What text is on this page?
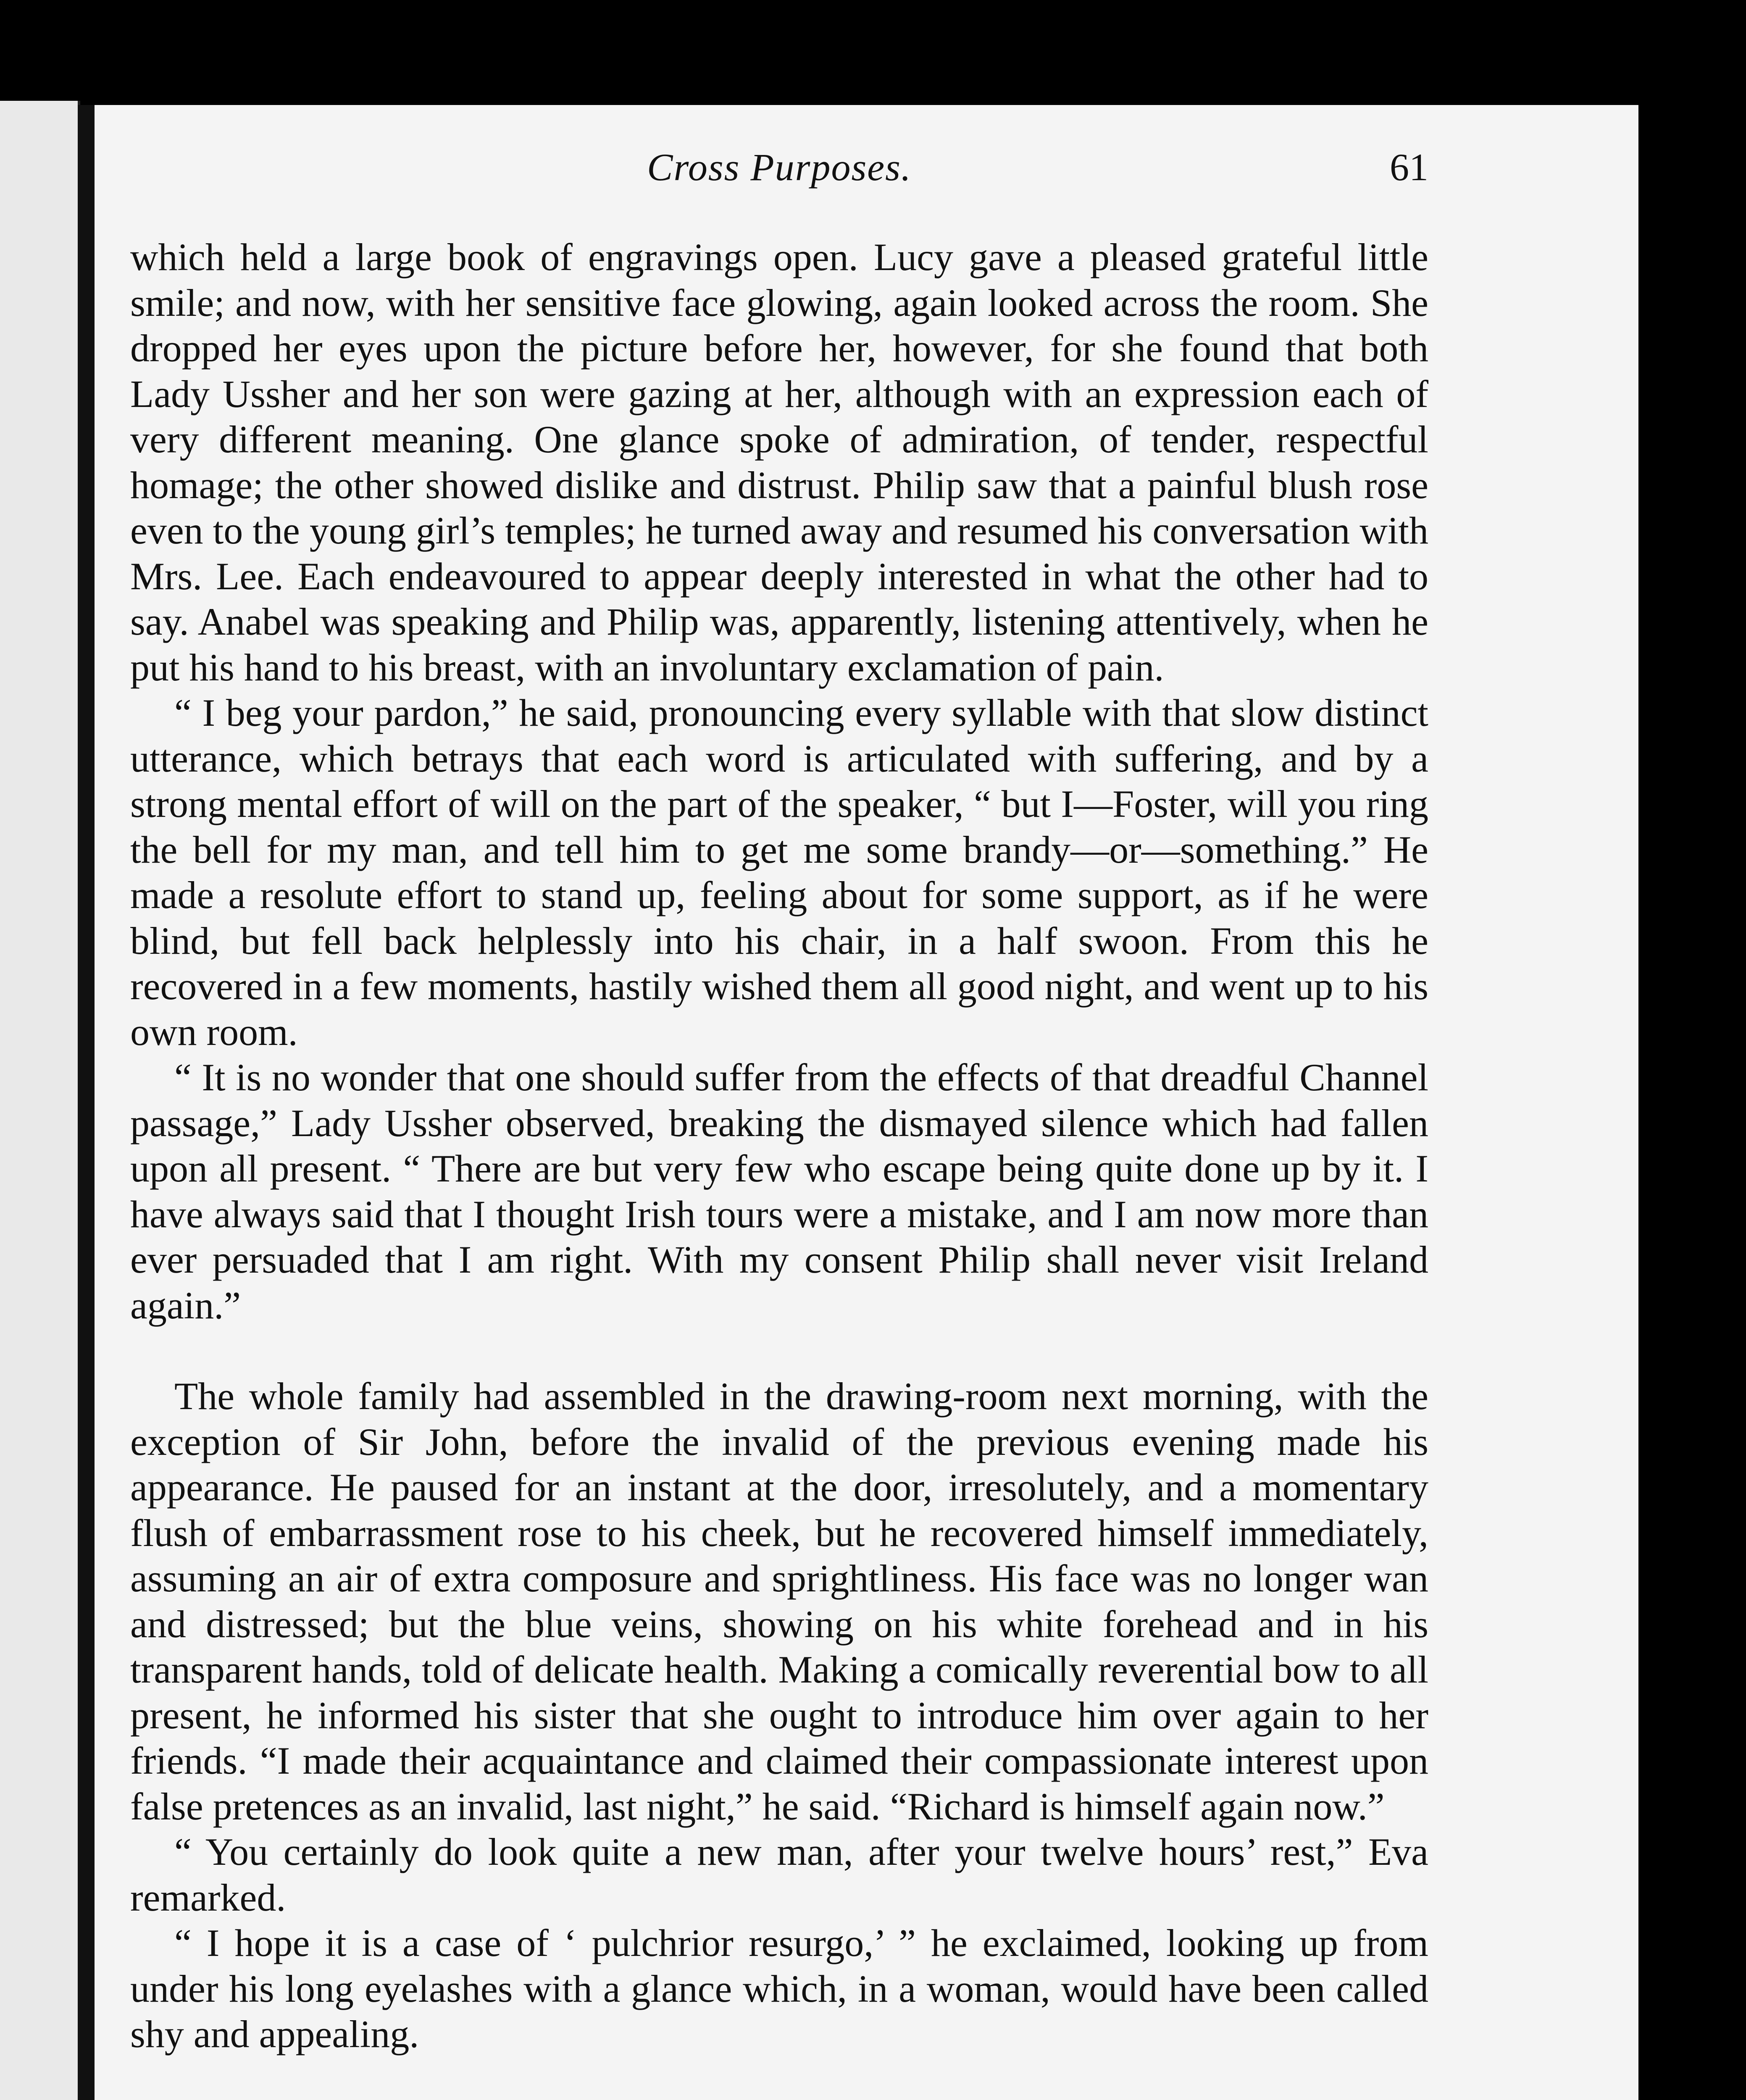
Cross Purposes.	61

which held a large book of engravings open. Lucy gave a pleased grateful little smile; and now, with her sensitive face glowing, again looked across the room. She dropped her eyes upon the picture before her, however, for she found that both Lady Ussher and her son were gazing at her, although with an expression each of very different meaning. One glance spoke of admiration, of tender, respectful homage; the other showed dislike and distrust. Philip saw that a painful blush rose even to the young girl’s temples; he turned away and resumed his conversation with Mrs. Lee. Each endeavoured to appear deeply interested in what the other had to say. Anabel was speaking and Philip was, apparently, listening attentively, when he put his hand to his breast, with an involuntary exclamation of pain.

“ I beg your pardon,” he said, pronouncing every syllable with that slow distinct utterance, which betrays that each word is articulated with suffering, and by a strong mental effort of will on the part of the speaker, “ but I—Foster, will you ring the bell for my man, and tell him to get me some brandy—or—something.” He made a resolute effort to stand up, feeling about for some support, as if he were blind, but fell back helplessly into his chair, in a half swoon. From this he recovered in a few moments, hastily wished them all good night, and went up to his own room.

“ It is no wonder that one should suffer from the effects of that dreadful Channel passage,” Lady Ussher observed, breaking the dismayed silence which had fallen upon all present. “ There are but very few who escape being quite done up by it. I have always said that I thought Irish tours were a mistake, and I am now more than ever persuaded that I am right. With my consent Philip shall never visit Ireland again.”

The whole family had assembled in the drawing-room next morning, with the exception of Sir John, before the invalid of the previous evening made his appearance. He paused for an instant at the door, irresolutely, and a momentary flush of embarrassment rose to his cheek, but he recovered himself immediately, assuming an air of extra composure and sprightliness. His face was no longer wan and distressed; but the blue veins, showing on his white forehead and in his transparent hands, told of delicate health. Making a comically reverential bow to all present, he informed his sister that she ought to introduce him over again to her friends. “I made their acquaintance and claimed their compassionate interest upon false pretences as an invalid, last night,” he said. “Richard is himself again now.”

“ You certainly do look quite a new man, after your twelve hours’ rest,” Eva remarked.

“ I hope it is a case of ‘ pulchrior resurgo,’ ” he exclaimed, looking up from under his long eyelashes with a glance which, in a woman, would have been called shy and appealing.
